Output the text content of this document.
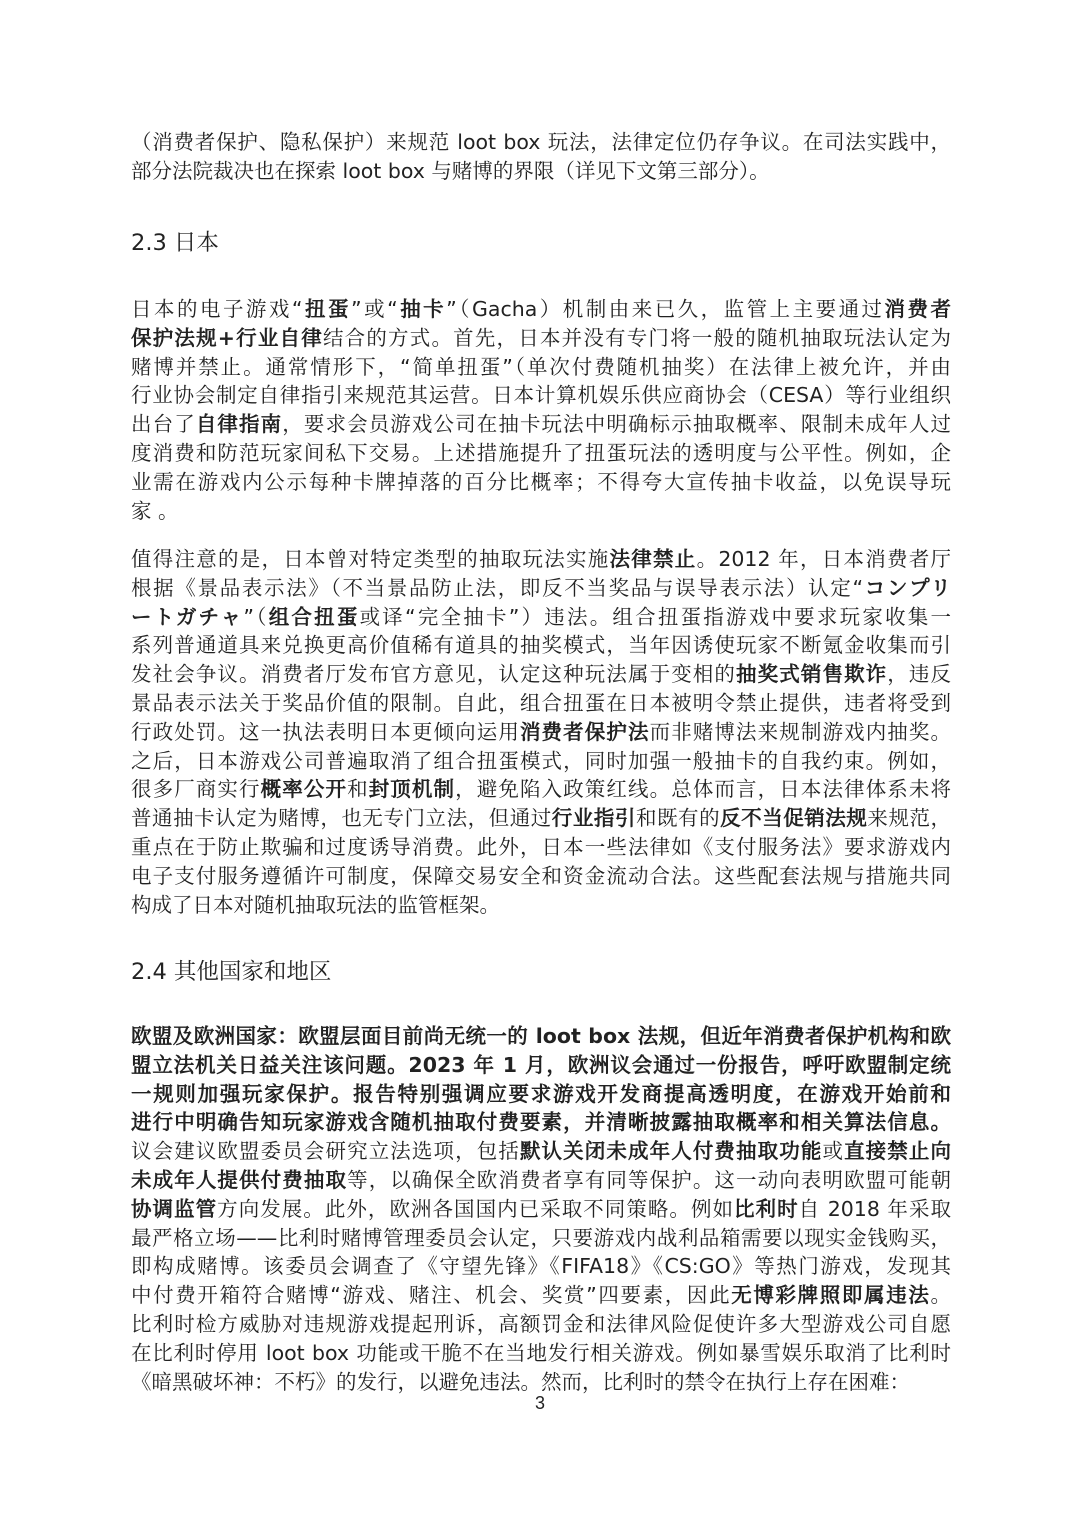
（消费者保护、隐私保护）来规范 loot box 玩法，法律定位仍存争议。在司法实践中，
部分法院裁决也在探索 loot box 与赌博的界限（详见下文第三部分）。
2.3 日本
日本的电子游戏“扭蛋”或“抽卡”（Gacha）机制由来已久，监管上主要通过消费者
保护法规+行业自律结合的方式。首先，日本并没有专门将一般的随机抽取玩法认定为
赌博并禁止。通常情形下，“简单扭蛋”（单次付费随机抽奖）在法律上被允许，并由
行业协会制定自律指引来规范其运营。日本计算机娱乐供应商协会（CESA）等行业组织
出台了自律指南，要求会员游戏公司在抽卡玩法中明确标示抽取概率、限制未成年人过
度消费和防范玩家间私下交易。上述措施提升了扭蛋玩法的透明度与公平性。例如，企
业需在游戏内公示每种卡牌掉落的百分比概率；不得夸大宣传抽卡收益，以免误导玩
家 。
值得注意的是，日本曾对特定类型的抽取玩法实施法律禁止。2012 年，日本消费者厅
根据《景品表示法》（不当景品防止法，即反不当奖品与误导表示法）认定“コンプリ
ートガチャ”（组合扭蛋或译“完全抽卡”）违法。组合扭蛋指游戏中要求玩家收集一
系列普通道具来兑换更高价值稀有道具的抽奖模式，当年因诱使玩家不断氪金收集而引
发社会争议。消费者厅发布官方意见，认定这种玩法属于变相的抽奖式销售欺诈，违反
景品表示法关于奖品价值的限制。自此，组合扭蛋在日本被明令禁止提供，违者将受到
行政处罚。这一执法表明日本更倾向运用消费者保护法而非赌博法来规制游戏内抽奖。
之后，日本游戏公司普遍取消了组合扭蛋模式，同时加强一般抽卡的自我约束。例如，
很多厂商实行概率公开和封顶机制，避免陷入政策红线。总体而言，日本法律体系未将
普通抽卡认定为赌博，也无专门立法，但通过行业指引和既有的反不当促销法规来规范，
重点在于防止欺骗和过度诱导消费。此外，日本一些法律如《支付服务法》要求游戏内
电子支付服务遵循许可制度，保障交易安全和资金流动合法。这些配套法规与措施共同
构成了日本对随机抽取玩法的监管框架。
2.4 其他国家和地区
欧盟及欧洲国家：欧盟层面目前尚无统一的 loot box 法规，但近年消费者保护机构和欧
盟立法机关日益关注该问题。2023 年 1 月，欧洲议会通过一份报告，呼吁欧盟制定统
一规则加强玩家保护。报告特别强调应要求游戏开发商提高透明度，在游戏开始前和
进行中明确告知玩家游戏含随机抽取付费要素，并清晰披露抽取概率和相关算法信息。
议会建议欧盟委员会研究立法选项，包括默认关闭未成年人付费抽取功能或直接禁止向
未成年人提供付费抽取等，以确保全欧消费者享有同等保护。这一动向表明欧盟可能朝
协调监管方向发展。此外，欧洲各国国内已采取不同策略。例如比利时自 2018 年采取
最严格立场——比利时赌博管理委员会认定，只要游戏内战利品箱需要以现实金钱购买，
即构成赌博。该委员会调查了《守望先锋》《FIFA18》《CS:GO》等热门游戏，发现其
中付费开箱符合赌博“游戏、赌注、机会、奖赏”四要素，因此无博彩牌照即属违法。
比利时检方威胁对违规游戏提起刑诉，高额罚金和法律风险促使许多大型游戏公司自愿
在比利时停用 loot box 功能或干脆不在当地发行相关游戏。例如暴雪娱乐取消了比利时
《暗黑破坏神：不朽》的发行，以避免违法。然而，比利时的禁令在执行上存在困难：
3
